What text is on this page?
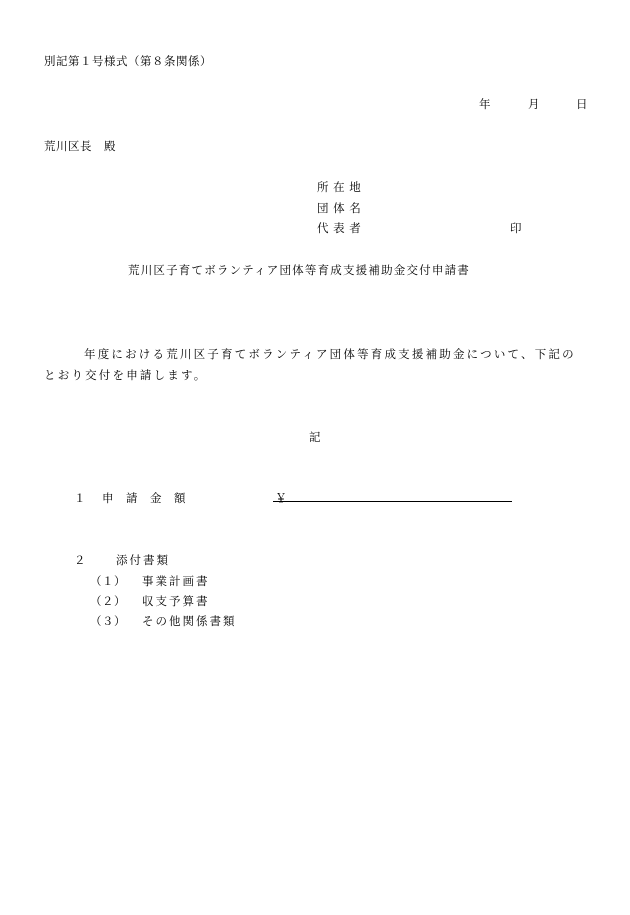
別記第１号様式（第８条関係）
年	月	日
荒川区長　殿
所 在 地
団 体 名
代 表 者	印
荒川区子育てボランティア団体等育成支援補助金交付申請書
年度における荒川区子育てボランティア団体等育成支援補助金について、下記の
とおり交付を申請します。
記
１ 申　請　金　額	￥
２	添付書類
（１） 事業計画書
（２） 収支予算書
（３） その他関係書類
